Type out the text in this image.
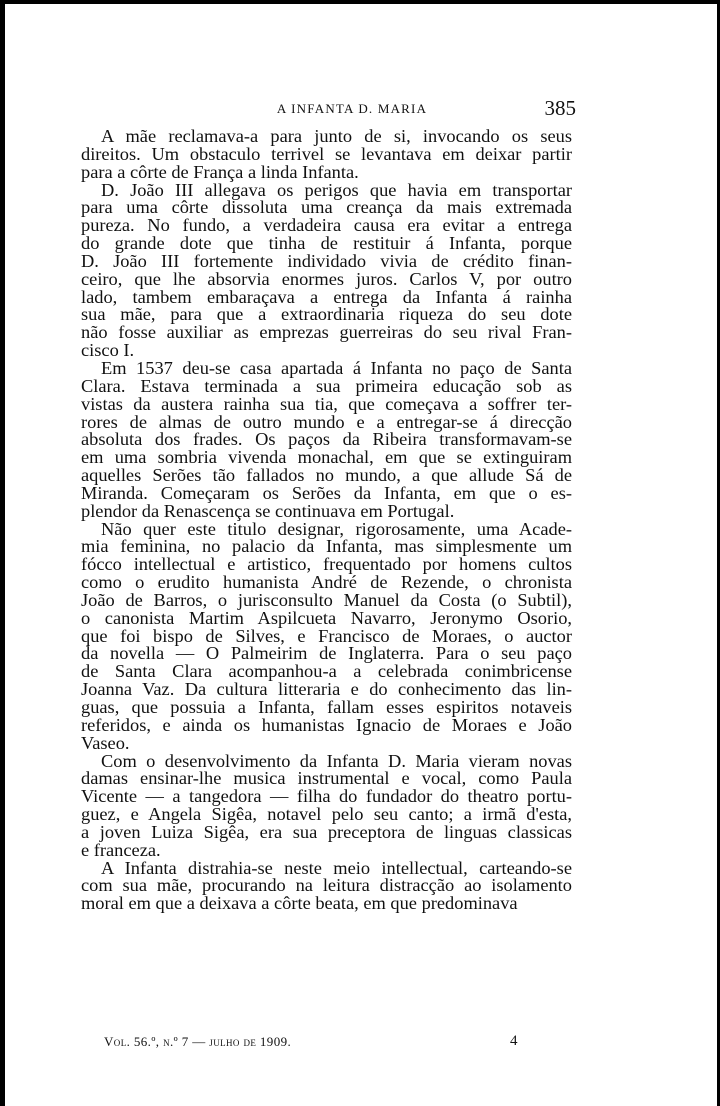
A INFANTA D. MARIA	385

A mãe reclamava-a para junto de si, invocando os seus
direitos. Um obstaculo terrivel se levantava em deixar partir
para a côrte de França a linda Infanta.

D. João III allegava os perigos que havia em transportar
para uma côrte dissoluta uma creança da mais extremada
pureza. No fundo, a verdadeira causa era evitar a entrega
do grande dote que tinha de restituir á Infanta, porque
D. João III fortemente individado vivia de crédito finan-
ceiro, que lhe absorvia enormes juros. Carlos V, por outro
lado, tambem embaraçava a entrega da Infanta á rainha
sua mãe, para que a extraordinaria riqueza do seu dote
não fosse auxiliar as emprezas guerreiras do seu rival Fran-
cisco I.

Em 1537 deu-se casa apartada á Infanta no paço de Santa
Clara. Estava terminada a sua primeira educação sob as
vistas da austera rainha sua tia, que começava a soffrer ter-
rores de almas de outro mundo e a entregar-se á direcção
absoluta dos frades. Os paços da Ribeira transformavam-se
em uma sombria vivenda monachal, em que se extinguiram
aquelles Serões tão fallados no mundo, a que allude Sá de
Miranda. Começaram os Serões da Infanta, em que o es-
plendor da Renascença se continuava em Portugal.

Não quer este titulo designar, rigorosamente, uma Acade-
mia feminina, no palacio da Infanta, mas simplesmente um
fócco intellectual e artistico, frequentado por homens cultos
como o erudito humanista André de Rezende, o chronista
João de Barros, o jurisconsulto Manuel da Costa (o Subtil),
o canonista Martim Aspilcueta Navarro, Jeronymo Osorio,
que foi bispo de Silves, e Francisco de Moraes, o auctor
da novella — O Palmeirim de Inglaterra. Para o seu paço
de Santa Clara acompanhou-a a celebrada conimbricense
Joanna Vaz. Da cultura litteraria e do conhecimento das lin-
guas, que possuia a Infanta, fallam esses espiritos notaveis
referidos, e ainda os humanistas Ignacio de Moraes e João
Vaseo.

Com o desenvolvimento da Infanta D. Maria vieram novas
damas ensinar-lhe musica instrumental e vocal, como Paula
Vicente — a tangedora — filha do fundador do theatro portu-
guez, e Angela Sigêa, notavel pelo seu canto; a irmã d'esta,
a joven Luiza Sigêa, era sua preceptora de linguas classicas
e franceza.

A Infanta distrahia-se neste meio intellectual, carteando-se
com sua mãe, procurando na leitura distracção ao isolamento
moral em que a deixava a côrte beata, em que predominava

Vol. 56.º, n.º 7 — julho de 1909.	4
